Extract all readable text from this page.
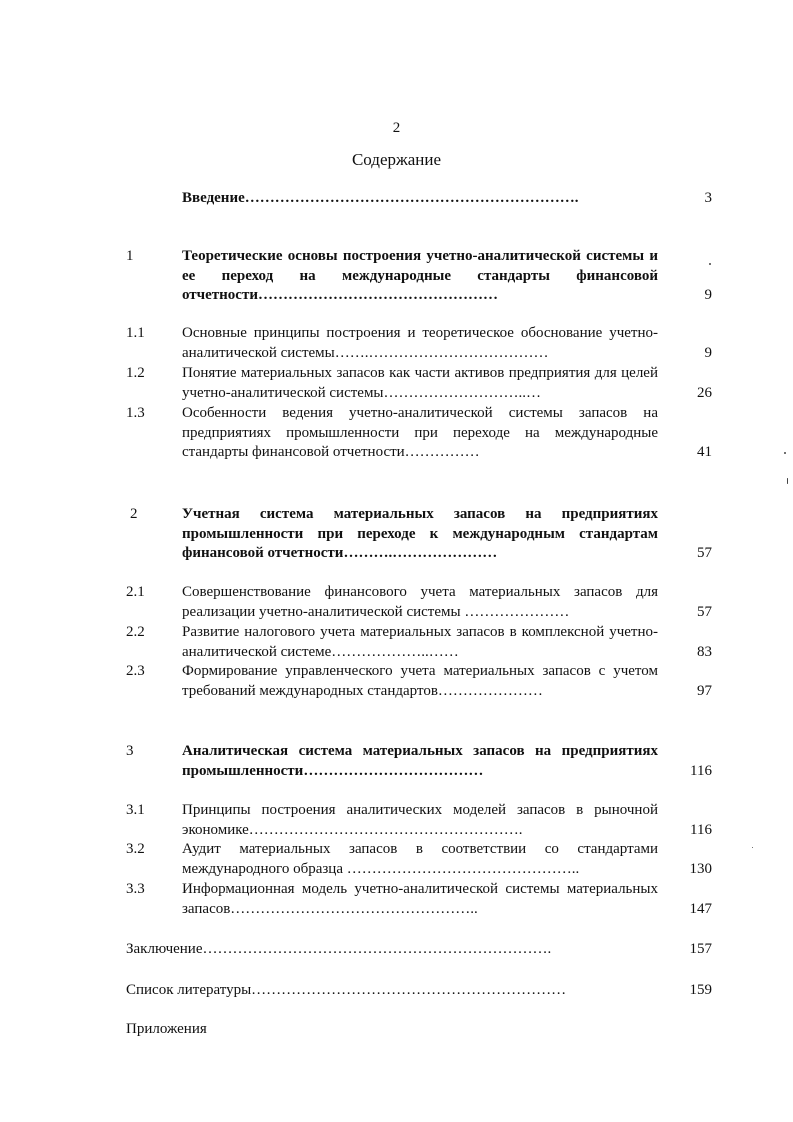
2
Содержание
Введение………………………………………………………….	3
1	Теоретические основы построения учетно-аналитической системы и ее переход на международные стандарты финансовой отчетности…………………………………………	9
1.1	Основные принципы построения и теоретическое обоснование учетно-аналитической системы…….………………………………	9
1.2	Понятие материальных запасов как части активов предприятия для целей учетно-аналитической системы………………………..…	26
1.3	Особенности ведения учетно-аналитической системы запасов на предприятиях промышленности при переходе на международные стандарты финансовой отчетности……………	41
2	Учетная система материальных запасов на предприятиях промышленности при переходе к международным стандартам финансовой отчетности……….…………………	57
2.1	Совершенствование финансового учета материальных запасов для реализации учетно-аналитической системы …………………	57
2.2	Развитие налогового учета материальных запасов в комплексной учетно-аналитической системе………………..……	83
2.3	Формирование управленческого учета материальных запасов с учетом требований международных стандартов…………………	97
3	Аналитическая система материальных запасов на предприятиях промышленности………………………………	116
3.1	Принципы построения аналитических моделей запасов в рыночной экономике……………………………………………….	116
3.2	Аудит материальных запасов в соответствии со стандартами международного образца ………………………………………..	130
3.3	Информационная модель учетно-аналитической системы материальных запасов…………………………………………..	147
Заключение…………………………………………………………….	157
Список литературы………………………………………………………	159
Приложения
